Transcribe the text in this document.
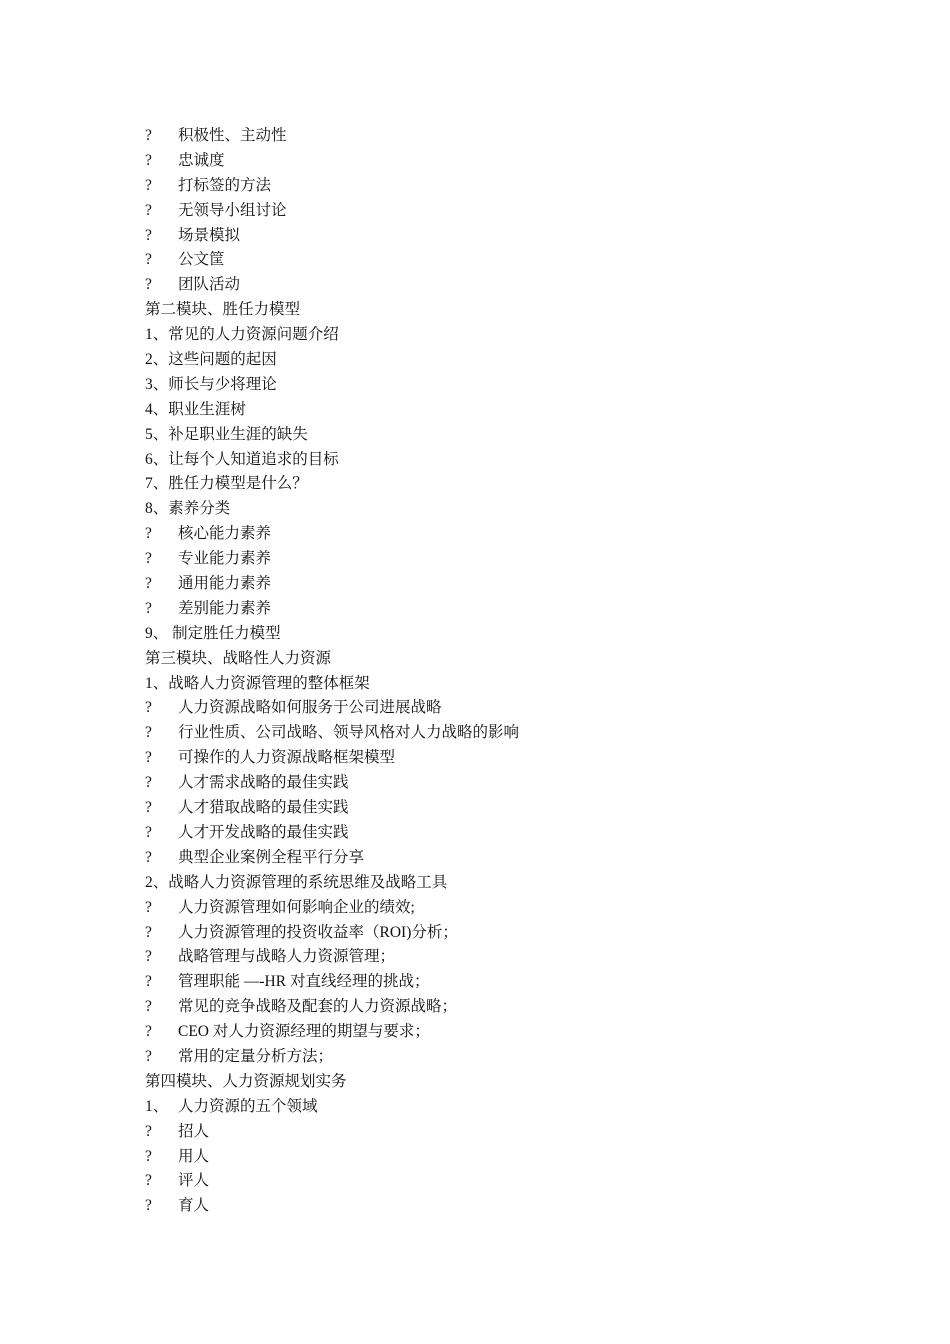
?	积极性、主动性
?	忠诚度
?	打标签的方法
?	无领导小组讨论
?	场景模拟
?	公文筐
?	团队活动
第二模块、胜任力模型
1、常见的人力资源问题介绍
2、这些问题的起因
3、师长与少将理论
4、职业生涯树
5、补足职业生涯的缺失
6、让每个人知道追求的目标
7、胜任力模型是什么？
8、素养分类
?	核心能力素养
?	专业能力素养
?	通用能力素养
?	差别能力素养
9、 制定胜任力模型
第三模块、战略性人力资源
1、战略人力资源管理的整体框架
?	人力资源战略如何服务于公司进展战略
?	行业性质、公司战略、领导风格对人力战略的影响
?	可操作的人力资源战略框架模型
?	人才需求战略的最佳实践
?	人才猎取战略的最佳实践
?	人才开发战略的最佳实践
?	典型企业案例全程平行分享
2、战略人力资源管理的系统思维及战略工具
?	人力资源管理如何影响企业的绩效;
?	人力资源管理的投资收益率（ROI)分析；
?	战略管理与战略人力资源管理；
?	管理职能 —-HR 对直线经理的挑战；
?	常见的竞争战略及配套的人力资源战略；
?	CEO 对人力资源经理的期望与要求；
?	常用的定量分析方法；
第四模块、人力资源规划实务
1、 人力资源的五个领域
?	招人
?	用人
?	评人
?	育人
